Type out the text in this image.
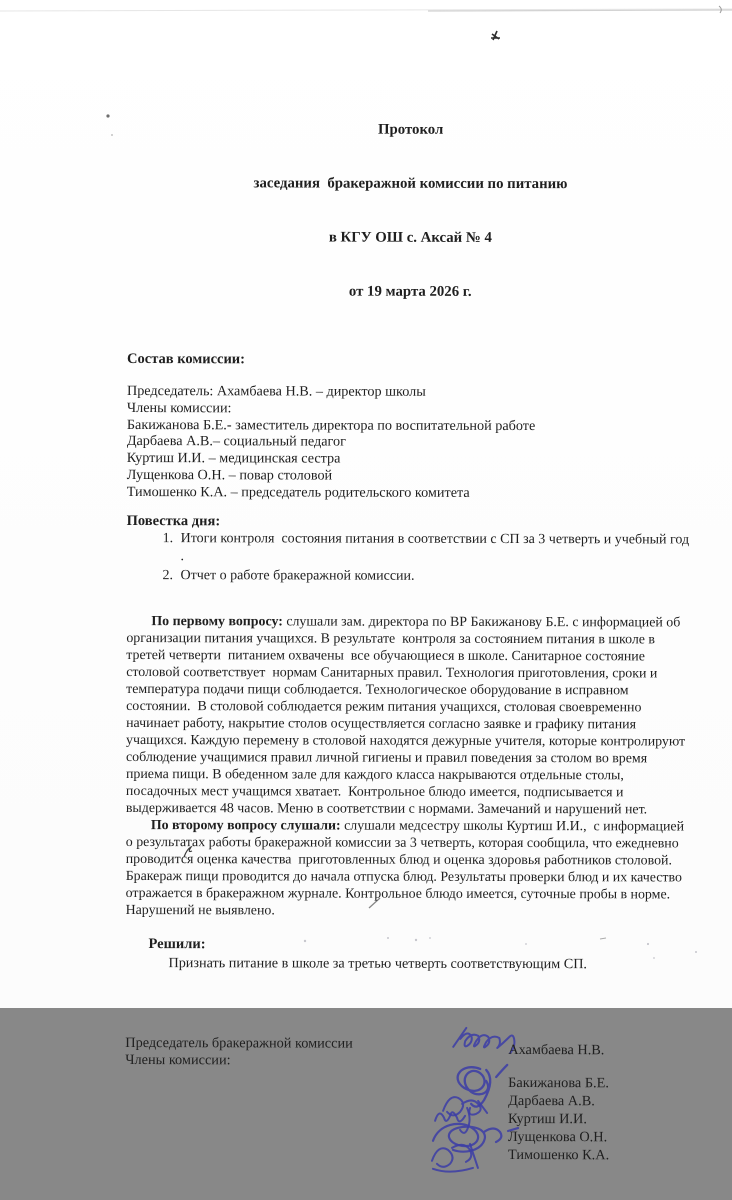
Протокол

заседания  бракеражной комиссии по питанию

в КГУ ОШ с. Аксай № 4

от 19 марта 2026 г.

Состав комиссии:
Председатель: Ахамбаева Н.В. – директор школы
Члены комиссии:
Бакижанова Б.Е.- заместитель директора по воспитательной работе
Дарбаева А.В.– социальный педагог
Куртиш И.И. – медицинская сестра
Лущенкова О.Н. – повар столовой
Тимошенко К.А. – председатель родительского комитета
Повестка дня:
1. Итоги контроля  состояния питания в соответствии с СП за 3 четверть и учебный год .
2. Отчет о работе бракеражной комиссии.

По первому вопросу: слушали зам. директора по ВР Бакижанову Б.Е. с информацией об организации питания учащихся. В результате  контроля за состоянием питания в школе в третей четверти  питанием охвачены  все обучающиеся в школе. Санитарное состояние столовой соответствует  нормам Санитарных правил. Технология приготовления, сроки и температура подачи пищи соблюдается. Технологическое оборудование в исправном состоянии.  В столовой соблюдается режим питания учащихся, столовая своевременно начинает работу, накрытие столов осуществляется согласно заявке и графику питания учащихся. Каждую перемену в столовой находятся дежурные учителя, которые контролируют соблюдение учащимися правил личной гигиены и правил поведения за столом во время приема пищи. В обеденном зале для каждого класса накрываются отдельные столы, посадочных мест учащимся хватает.  Контрольное блюдо имеется, подписывается и выдерживается 48 часов. Меню в соответствии с нормами. Замечаний и нарушений нет.

По второму вопросу слушали: слушали медсестру школы Куртиш И.И.,  с информацией о результатах работы бракеражной комиссии за 3 четверть, которая сообщила, что ежедневно проводится оценка качества  приготовленных блюд и оценка здоровья работников столовой.  Бракераж пищи проводится до начала отпуска блюд. Результаты проверки блюд и их качество отражается в бракеражном журнале. Контрольное блюдо имеется, суточные пробы в норме. Нарушений не выявлено.

Решили:
Признать питание в школе за третью четверть соответствующим СП.
Председатель бракеражной комиссии
Члены комиссии:
Ахамбаева Н.В.
Бакижанова Б.Е.
Дарбаева А.В.
Куртиш И.И.
Лущенкова О.Н.
Тимошенко К.А.
